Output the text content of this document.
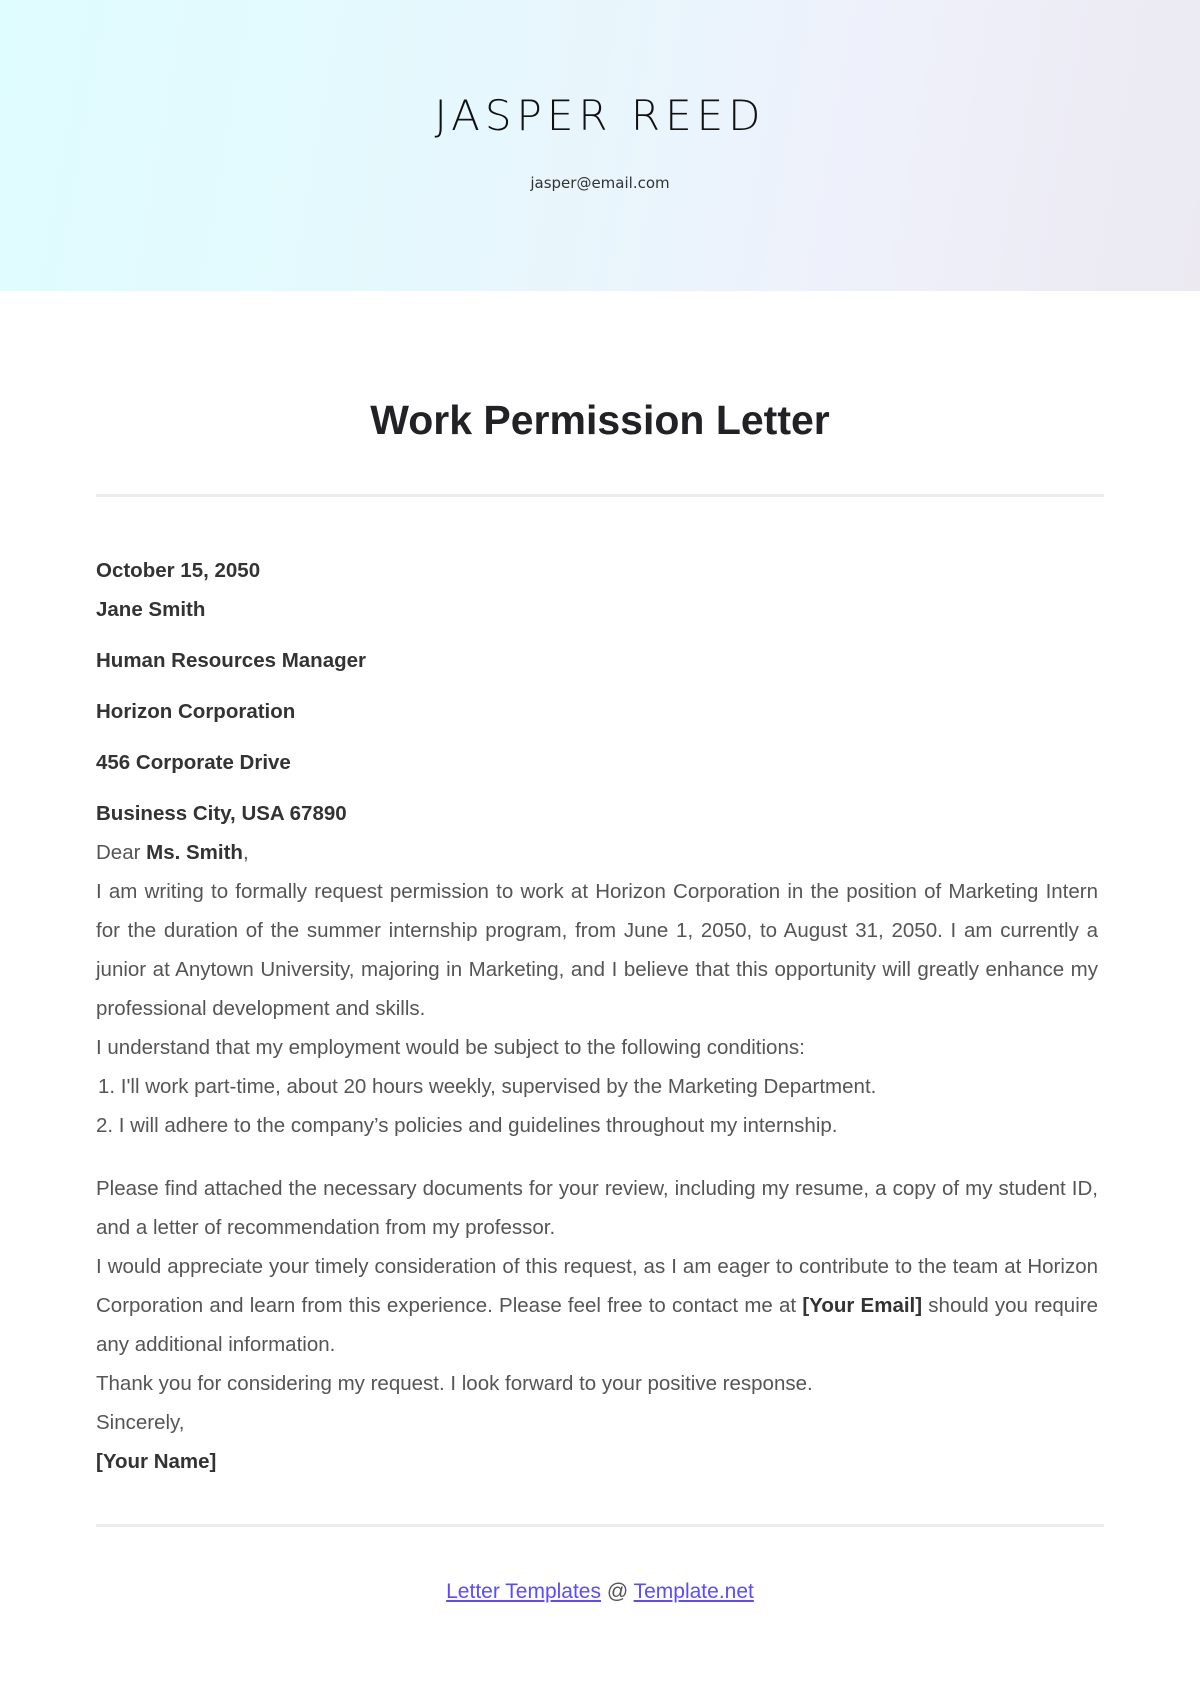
JASPER REED
jasper@email.com
Work Permission Letter
October 15, 2050
Jane Smith
Human Resources Manager
Horizon Corporation
456 Corporate Drive
Business City, USA 67890
Dear Ms. Smith,
I am writing to formally request permission to work at Horizon Corporation in the position of Marketing Intern for the duration of the summer internship program, from June 1, 2050, to August 31, 2050. I am currently a junior at Anytown University, majoring in Marketing, and I believe that this opportunity will greatly enhance my professional development and skills.
I understand that my employment would be subject to the following conditions:
1. I'll work part-time, about 20 hours weekly, supervised by the Marketing Department.
2. I will adhere to the company’s policies and guidelines throughout my internship.
Please find attached the necessary documents for your review, including my resume, a copy of my student ID, and a letter of recommendation from my professor.
I would appreciate your timely consideration of this request, as I am eager to contribute to the team at Horizon Corporation and learn from this experience. Please feel free to contact me at [Your Email] should you require any additional information.
Thank you for considering my request. I look forward to your positive response.
Sincerely,
[Your Name]
Letter Templates @ Template.net
